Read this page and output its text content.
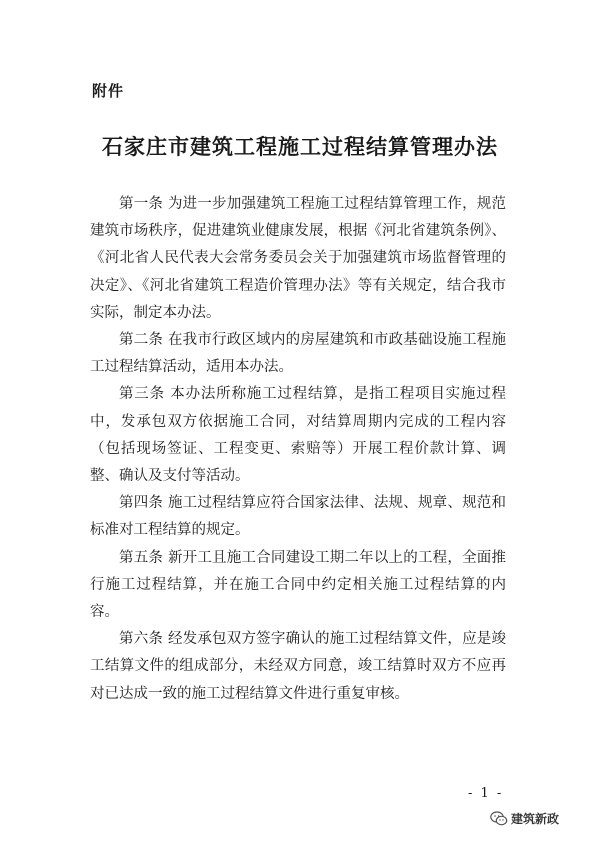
附件
石家庄市建筑工程施工过程结算管理办法

第一条 为进一步加强建筑工程施工过程结算管理工作，规范建筑市场秩序，促进建筑业健康发展，根据《河北省建筑条例》、《河北省人民代表大会常务委员会关于加强建筑市场监督管理的决定》、《河北省建筑工程造价管理办法》等有关规定，结合我市实际，制定本办法。

第二条 在我市行政区域内的房屋建筑和市政基础设施工程施工过程结算活动，适用本办法。

第三条 本办法所称施工过程结算，是指工程项目实施过程中，发承包双方依据施工合同，对结算周期内完成的工程内容（包括现场签证、工程变更、索赔等）开展工程价款计算、调整、确认及支付等活动。

第四条 施工过程结算应符合国家法律、法规、规章、规范和标准对工程结算的规定。

第五条 新开工且施工合同建设工期二年以上的工程，全面推行施工过程结算，并在施工合同中约定相关施工过程结算的内容。

第六条 经发承包双方签字确认的施工过程结算文件，应是竣工结算文件的组成部分，未经双方同意，竣工结算时双方不应再对已达成一致的施工过程结算文件进行重复审核。

- 1 -
建筑新政
